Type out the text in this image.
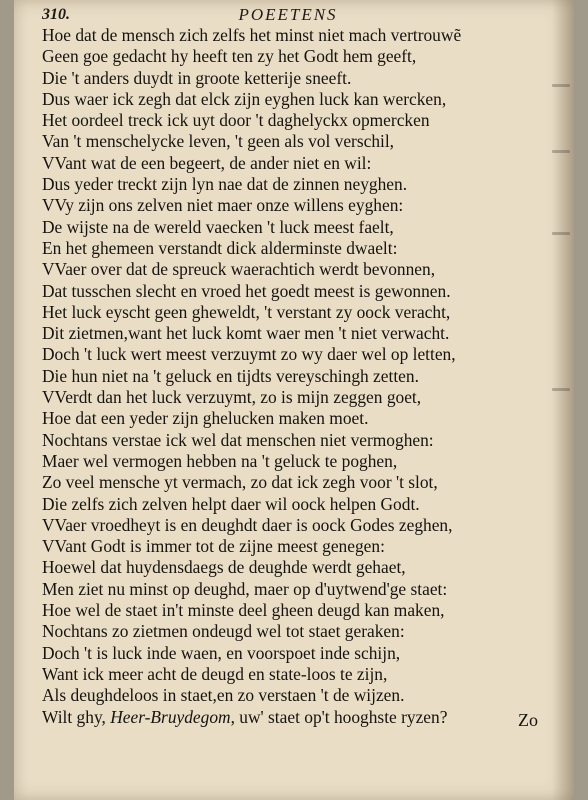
310.	POEETENS
Hoe dat de mensch zich zelfs het minst niet mach vertrouwẽ
Geen goe gedacht hy heeft ten zy het Godt hem geeft,
Die 't anders duydt in groote ketterije sneeft.
Dus waer ick zegh dat elck zijn eyghen luck kan wercken,
Het oordeel treck ick uyt door 't daghelyckx opmercken
Van 't menschelycke leven, 't geen als vol verschil,
VVant wat de een begeert, de ander niet en wil:
Dus yeder treckt zijn lyn nae dat de zinnen neyghen.
VVy zijn ons zelven niet maer onze willens eyghen:
De wijste na de wereld vaecken 't luck meest faelt,
En het ghemeen verstandt dick alderminste dwaelt:
VVaer over dat de spreuck waerachtich werdt bevonnen,
Dat tusschen slecht en vroed het goedt meest is gewonnen.
Het luck eyscht geen gheweldt, 't verstant zy oock veracht,
Dit zietmen,want het luck komt waer men 't niet verwacht.
Doch 't luck wert meest verzuymt zo wy daer wel op letten,
Die hun niet na 't geluck en tijdts vereyschingh zetten.
VVerdt dan het luck verzuymt, zo is mijn zeggen goet,
Hoe dat een yeder zijn ghelucken maken moet.
Nochtans verstae ick wel dat menschen niet vermoghen:
Maer wel vermogen hebben na 't geluck te poghen,
Zo veel mensche yt vermach, zo dat ick zegh voor 't slot,
Die zelfs zich zelven helpt daer wil oock helpen Godt.
VVaer vroedheyt is en deughdt daer is oock Godes zeghen,
VVant Godt is immer tot de zijne meest genegen:
Hoewel dat huydensdaegs de deughde werdt gehaet,
Men ziet nu minst op deughd, maer op d'uytwend'ge staet:
Hoe wel de staet in't minste deel gheen deugd kan maken,
Nochtans zo zietmen ondeugd wel tot staet geraken:
Doch 't is luck inde waen, en voorspoet inde schijn,
Want ick meer acht de deugd en state-loos te zijn,
Als deughdeloos in staet,en zo verstaen 't de wijzen.
Wilt ghy, Heer-Bruydegom, uw' staet op't hooghste ryzen?	Zo
